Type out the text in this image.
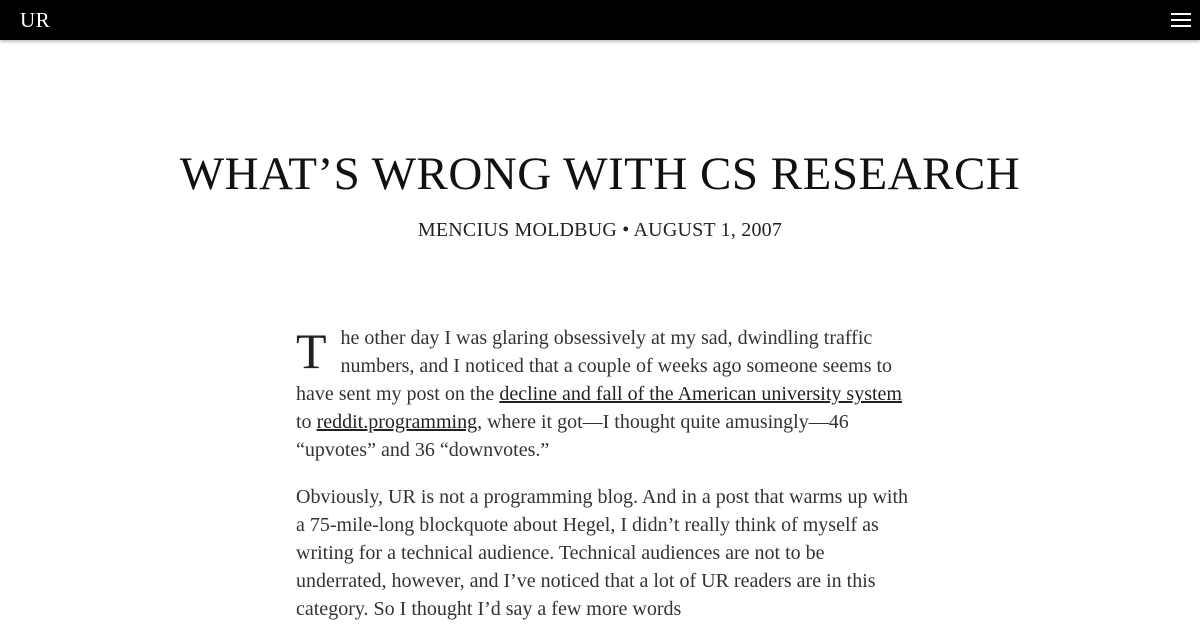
UR
WHAT’S WRONG WITH CS RESEARCH
MENCIUS MOLDBUG • AUGUST 1, 2007

The other day I was glaring obsessively at my sad, dwindling traffic numbers, and I noticed that a couple of weeks ago someone seems to have sent my post on the decline and fall of the American university system to reddit.programming, where it got—I thought quite amusingly—46 “upvotes” and 36 “downvotes.”

Obviously, UR is not a programming blog. And in a post that warms up with a 75-mile-long blockquote about Hegel, I didn’t really think of myself as writing for a technical audience. Technical audiences are not to be underrated, however, and I’ve noticed that a lot of UR readers are in this category. So I thought I’d say a few more words
